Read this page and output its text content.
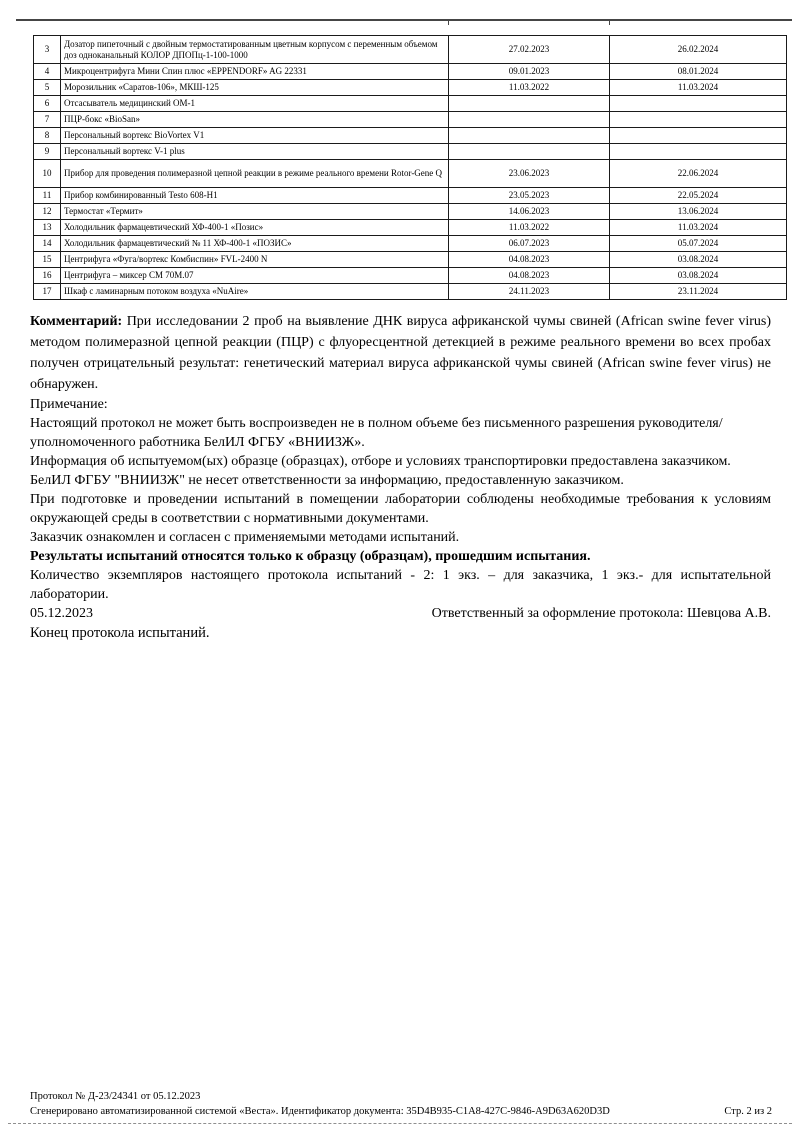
3	Дозатор пипеточный с двойным термостатированным цветным корпусом с переменным объемом доз одноканальный КОЛОР ДПОПц-1-100-1000	27.02.2023	26.02.2024
4	Микроцентрифуга Мини Спин плюс «EPPENDORF» AG 22331	09.01.2023	08.01.2024
5	Морозильник «Саратов-106», МКШ-125	11.03.2022	11.03.2024
6	Отсасыватель медицинский ОМ-1		
7	ПЦР-бокс «BioSan»		
8	Персональный вортекс BioVortex V1		
9	Персональный вортекс V-1 plus		
10	Прибор для проведения полимеразной цепной реакции в режиме реального времени Rotor-Gene Q	23.06.2023	22.06.2024
11	Прибор комбинированный Testo 608-H1	23.05.2023	22.05.2024
12	Термостат «Термит»	14.06.2023	13.06.2024
13	Холодильник фармацевтический ХФ-400-1 «Позис»	11.03.2022	11.03.2024
14	Холодильник фармацевтический № 11 ХФ-400-1 «ПОЗИС»	06.07.2023	05.07.2024
15	Центрифуга «Фуга/вортекс Комбиспин» FVL-2400 N	04.08.2023	03.08.2024
16	Центрифуга – миксер СМ 70М.07	04.08.2023	03.08.2024
17	Шкаф с ламинарным потоком воздуха «NuAire»	24.11.2023	23.11.2024

Комментарий: При исследовании 2 проб на выявление ДНК вируса африканской чумы свиней (African swine fever virus) методом полимеразной цепной реакции (ПЦР) с флуоресцентной детекцией в режиме реального времени во всех пробах получен отрицательный результат: генетический материал вируса африканской чумы свиней (African swine fever virus) не обнаружен.

Примечание:

Настоящий протокол не может быть воспроизведен не в полном объеме без письменного разрешения руководителя/уполномоченного работника БелИЛ ФГБУ «ВНИИЗЖ».

Информация об испытуемом(ых) образце (образцах), отборе и условиях транспортировки предоставлена заказчиком.

БелИЛ ФГБУ "ВНИИЗЖ" не несет ответственности за информацию, предоставленную заказчиком.

При подготовке и проведении испытаний в помещении лаборатории соблюдены необходимые требования к условиям окружающей среды в соответствии с нормативными документами.

Заказчик ознакомлен и согласен с применяемыми методами испытаний.

Результаты испытаний относятся только к образцу (образцам), прошедшим испытания.

Количество экземпляров настоящего протокола испытаний - 2: 1 экз. – для заказчика, 1 экз.- для испытательной лаборатории.

05.12.2023	Ответственный за оформление протокола: Шевцова А.В.
Конец протокола испытаний.
Протокол № Д-23/24341 от 05.12.2023
Сгенерировано автоматизированной системой «Веста». Идентификатор документа: 35D4B935-C1A8-427C-9846-A9D63A620D3D	Стр. 2 из 2
